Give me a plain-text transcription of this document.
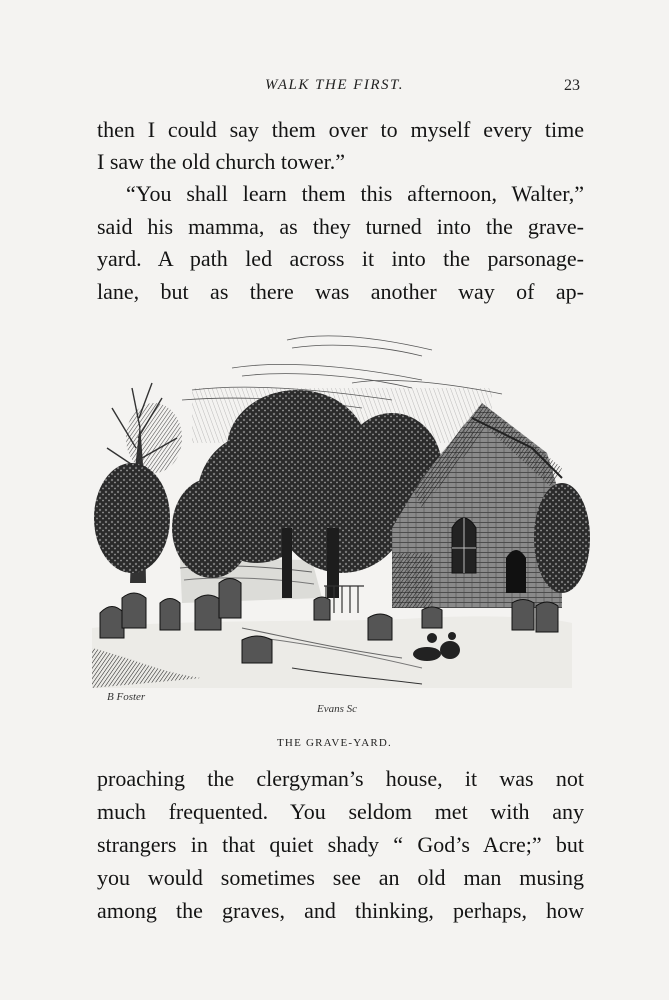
WALK THE FIRST.	23
then I could say them over to myself every time
I saw the old church tower.”
“You shall learn them this afternoon, Walter,”
said his mamma, as they turned into the grave-
yard. A path led across it into the parsonage-
lane, but as there was another way of ap-
B Foster
Evans Sc
THE GRAVE-YARD.
proaching the clergyman’s house, it was not
much frequented. You seldom met with any
strangers in that quiet shady “ God’s Acre;” but
you would sometimes see an old man musing
among the graves, and thinking, perhaps, how
